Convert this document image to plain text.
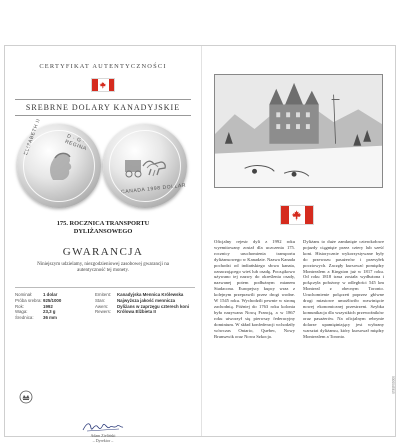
CERTYFIKAT AUTENTYCZNOŚCI
SREBRNE DOLARY KANADYJSKIE
ELIZABETH II	D · G · REGINA
CANADA 1998 DOLLAR
175. ROCZNICA TRANSPORTU
DYLIŻANSOWEGO
GWARANCJA
Niniejszym udzielamy, niezgodzieniowej zasobowej gwarancji na autentyczność tej monety.
Nominał:	1 dolar
Próba srebra: 925/1000
Rok:	1992
Waga:	23,3 g
Średnica:	36 mm
Emitent:	Kanadyjska Mennica Królewska
Stan:	Najwyższa jakość mennicza
Awers:	Dyliżans w zaprzęgu czterech koni
Rewers:	Królowa Elżbieta II
Adam Zieliński
– Dyrektor –
Oficjalny rejestr dyli z 1992 roku wyemitowany został dla uczczenia 175. rocznicy uruchomienia transportu dyliżansowego w Kanadzie. Nazwa Kanada pochodzi od indiańskiego słowa kanata, oznaczającego wieś lub osadę. Początkowo używano tej nazwy do określenia osady, nazwanej potem podłużnym mianem Stadacona. Europejscy kupcy wraz z kolejnym przeprawili przez drogi wodne. W 1545 roku. Wychodzili pewnie w stronę zachodnią. Później do 1763 roku kolonia była nazywana Nową Francją, a w 1867 roku utworzył się pierwszy federacyjny dominium. W skład konfederacji wchodziły wówczas Ontario, Quebec, Nowy Brunszwik oraz Nowa Szkocja.
Dyliżans to duże zamknięte czterokołowe pojazdy ciągnięte przez cztery lub sześć koni. Historycznie wykorzystywane były do przewozu pasażerów i przesyłek pocztowych. Zaczęły kursować pomiędzy Montrealem a Kingston już w 1817 roku. Od roku 1818 trasa została wydłużona i połączyła położony w odległości 545 km Montreal z obecnym Toronto. Uruchomienie połączeń poprzez główne drogi miastowe umożliwiło rozwinięcie nowej ekonomicznej przestrzeni. Szybka komunikacja dla wszystkich przewoźników oraz pasażerów. Na oficjalnym rebrynie dolarze upamiętniający jest wybrany warsztat dyliżansu, który kursował między Montrealem a Toronto.
0000045315
